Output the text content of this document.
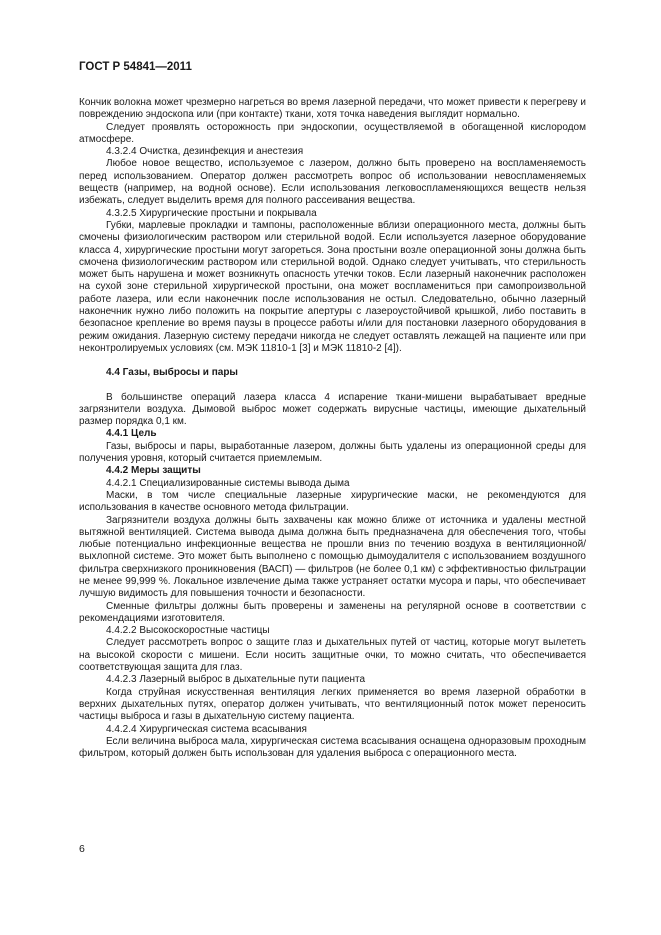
ГОСТ Р 54841—2011

Кончик волокна может чрезмерно нагреться во время лазерной передачи, что может привести к перегреву и повреждению эндоскопа или (при контакте) ткани, хотя точка наведения выглядит нормально.

Следует проявлять осторожность при эндоскопии, осуществляемой в обогащенной кислородом атмосфере.

4.3.2.4 Очистка, дезинфекция и анестезия

Любое новое вещество, используемое с лазером, должно быть проверено на воспламеняемость перед использованием. Оператор должен рассмотреть вопрос об использовании невоспламеняемых веществ (например, на водной основе). Если использования легковоспламеняющихся веществ нельзя избежать, следует выделить время для полного рассеивания вещества.

4.3.2.5 Хирургические простыни и покрывала

Губки, марлевые прокладки и тампоны, расположенные вблизи операционного места, должны быть смочены физиологическим раствором или стерильной водой. Если используется лазерное оборудование класса 4, хирургические простыни могут загореться. Зона простыни возле операционной зоны должна быть смочена физиологическим раствором или стерильной водой. Однако следует учитывать, что стерильность может быть нарушена и может возникнуть опасность утечки токов. Если лазерный наконечник расположен на сухой зоне стерильной хирургической простыни, она может воспламениться при самопроизвольной работе лазера, или если наконечник после использования не остыл. Следовательно, обычно лазерный наконечник нужно либо положить на покрытие апертуры с лазероустойчивой крышкой, либо поставить в безопасное крепление во время паузы в процессе работы и/или для постановки лазерного оборудования в режим ожидания. Лазерную систему передачи никогда не следует оставлять лежащей на пациенте или при неконтролируемых условиях (см. МЭК 11810-1 [3] и МЭК 11810-2 [4]).

4.4 Газы, выбросы и пары

В большинстве операций лазера класса 4 испарение ткани-мишени вырабатывает вредные загрязнители воздуха. Дымовой выброс может содержать вирусные частицы, имеющие дыхательный размер порядка 0,1 км.

4.4.1 Цель

Газы, выбросы и пары, выработанные лазером, должны быть удалены из операционной среды для получения уровня, который считается приемлемым.

4.4.2 Меры защиты

4.4.2.1 Специализированные системы вывода дыма

Маски, в том числе специальные лазерные хирургические маски, не рекомендуются для использования в качестве основного метода фильтрации.

Загрязнители воздуха должны быть захвачены как можно ближе от источника и удалены местной вытяжной вентиляцией. Система вывода дыма должна быть предназначена для обеспечения того, чтобы любые потенциально инфекционные вещества не прошли вниз по течению воздуха в вентиляционной/выхлопной системе. Это может быть выполнено с помощью дымоудалителя с использованием воздушного фильтра сверхнизкого проникновения (ВАСП) — фильтров (не более 0,1 км) с эффективностью фильтрации не менее 99,999 %. Локальное извлечение дыма также устраняет остатки мусора и пары, что обеспечивает лучшую видимость для повышения точности и безопасности.

Сменные фильтры должны быть проверены и заменены на регулярной основе в соответствии с рекомендациями изготовителя.

4.4.2.2 Высокоскоростные частицы

Следует рассмотреть вопрос о защите глаз и дыхательных путей от частиц, которые могут вылететь на высокой скорости с мишени. Если носить защитные очки, то можно считать, что обеспечивается соответствующая защита для глаз.

4.4.2.3 Лазерный выброс в дыхательные пути пациента

Когда струйная искусственная вентиляция легких применяется во время лазерной обработки в верхних дыхательных путях, оператор должен учитывать, что вентиляционный поток может переносить частицы выброса и газы в дыхательную систему пациента.

4.4.2.4 Хирургическая система всасывания

Если величина выброса мала, хирургическая система всасывания оснащена одноразовым проходным фильтром, который должен быть использован для удаления выброса с операционного места.

6
